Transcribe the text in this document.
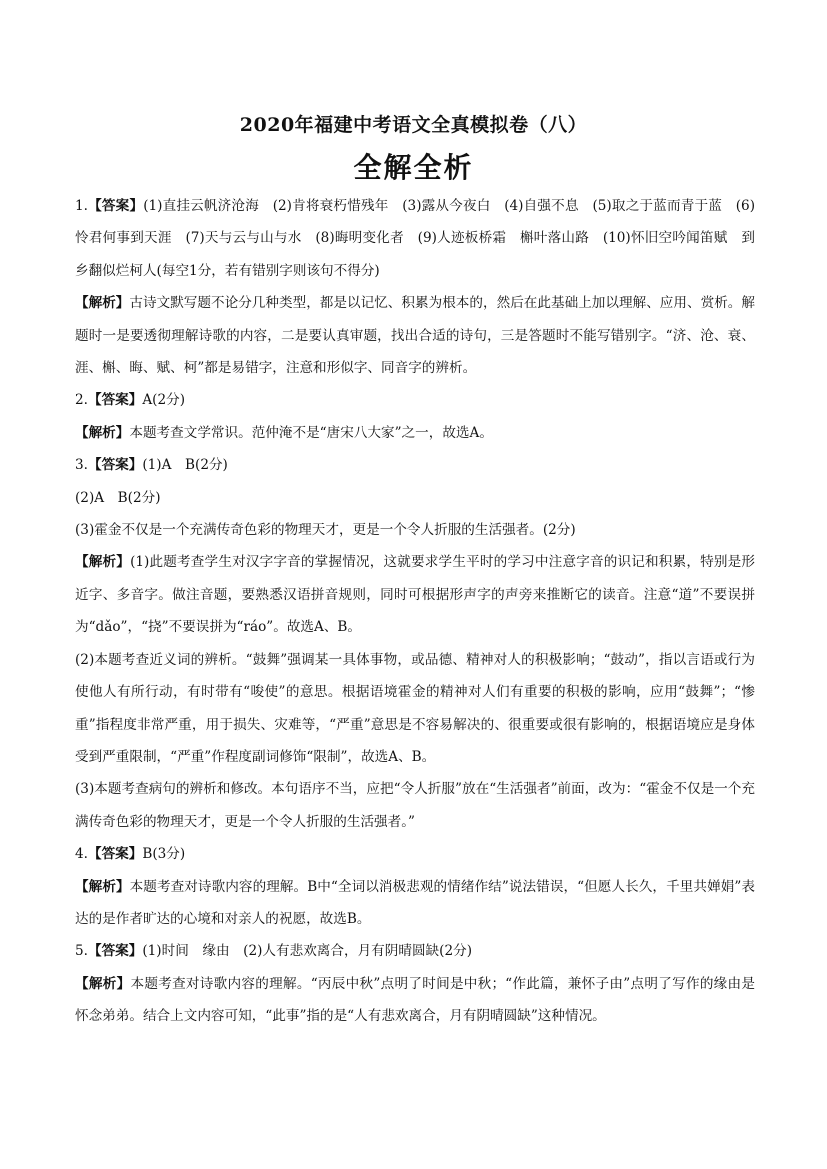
2020年福建中考语文全真模拟卷（八）
全解全析

1.【答案】(1)直挂云帆济沧海　(2)肯将衰朽惜残年　(3)露从今夜白　(4)自强不息　(5)取之于蓝而青于蓝　(6)怜君何事到天涯　(7)天与云与山与水　(8)晦明变化者　(9)人迹板桥霜　槲叶落山路　(10)怀旧空吟闻笛赋　到乡翻似烂柯人(每空1分，若有错别字则该句不得分)

【解析】古诗文默写题不论分几种类型，都是以记忆、积累为根本的，然后在此基础上加以理解、应用、赏析。解题时一是要透彻理解诗歌的内容，二是要认真审题，找出合适的诗句，三是答题时不能写错别字。“济、沧、衰、涯、槲、晦、赋、柯”都是易错字，注意和形似字、同音字的辨析。

2.【答案】A(2分)

【解析】本题考查文学常识。范仲淹不是“唐宋八大家”之一，故选A。

3.【答案】(1)A　B(2分)

(2)A　B(2分)

(3)霍金不仅是一个充满传奇色彩的物理天才，更是一个令人折服的生活强者。(2分)

【解析】(1)此题考查学生对汉字字音的掌握情况，这就要求学生平时的学习中注意字音的识记和积累，特别是形近字、多音字。做注音题，要熟悉汉语拼音规则，同时可根据形声字的声旁来推断它的读音。注意“道”不要误拼为“dǎo”，“挠”不要误拼为“ráo”。故选A、B。

(2)本题考查近义词的辨析。“鼓舞”强调某一具体事物，或品德、精神对人的积极影响；“鼓动”，指以言语或行为使他人有所行动，有时带有“唆使”的意思。根据语境霍金的精神对人们有重要的积极的影响，应用“鼓舞”；“惨重”指程度非常严重，用于损失、灾难等，“严重”意思是不容易解决的、很重要或很有影响的，根据语境应是身体受到严重限制，“严重”作程度副词修饰“限制”，故选A、B。

(3)本题考查病句的辨析和修改。本句语序不当，应把“令人折服”放在“生活强者”前面，改为：“霍金不仅是一个充满传奇色彩的物理天才，更是一个令人折服的生活强者。”

4.【答案】B(3分)

【解析】本题考查对诗歌内容的理解。B中“全词以消极悲观的情绪作结”说法错误，“但愿人长久，千里共婵娟”表达的是作者旷达的心境和对亲人的祝愿，故选B。

5.【答案】(1)时间　缘由　(2)人有悲欢离合，月有阴晴圆缺(2分)

【解析】本题考查对诗歌内容的理解。“丙辰中秋”点明了时间是中秋；“作此篇，兼怀子由”点明了写作的缘由是怀念弟弟。结合上文内容可知，“此事”指的是“人有悲欢离合，月有阴晴圆缺”这种情况。
